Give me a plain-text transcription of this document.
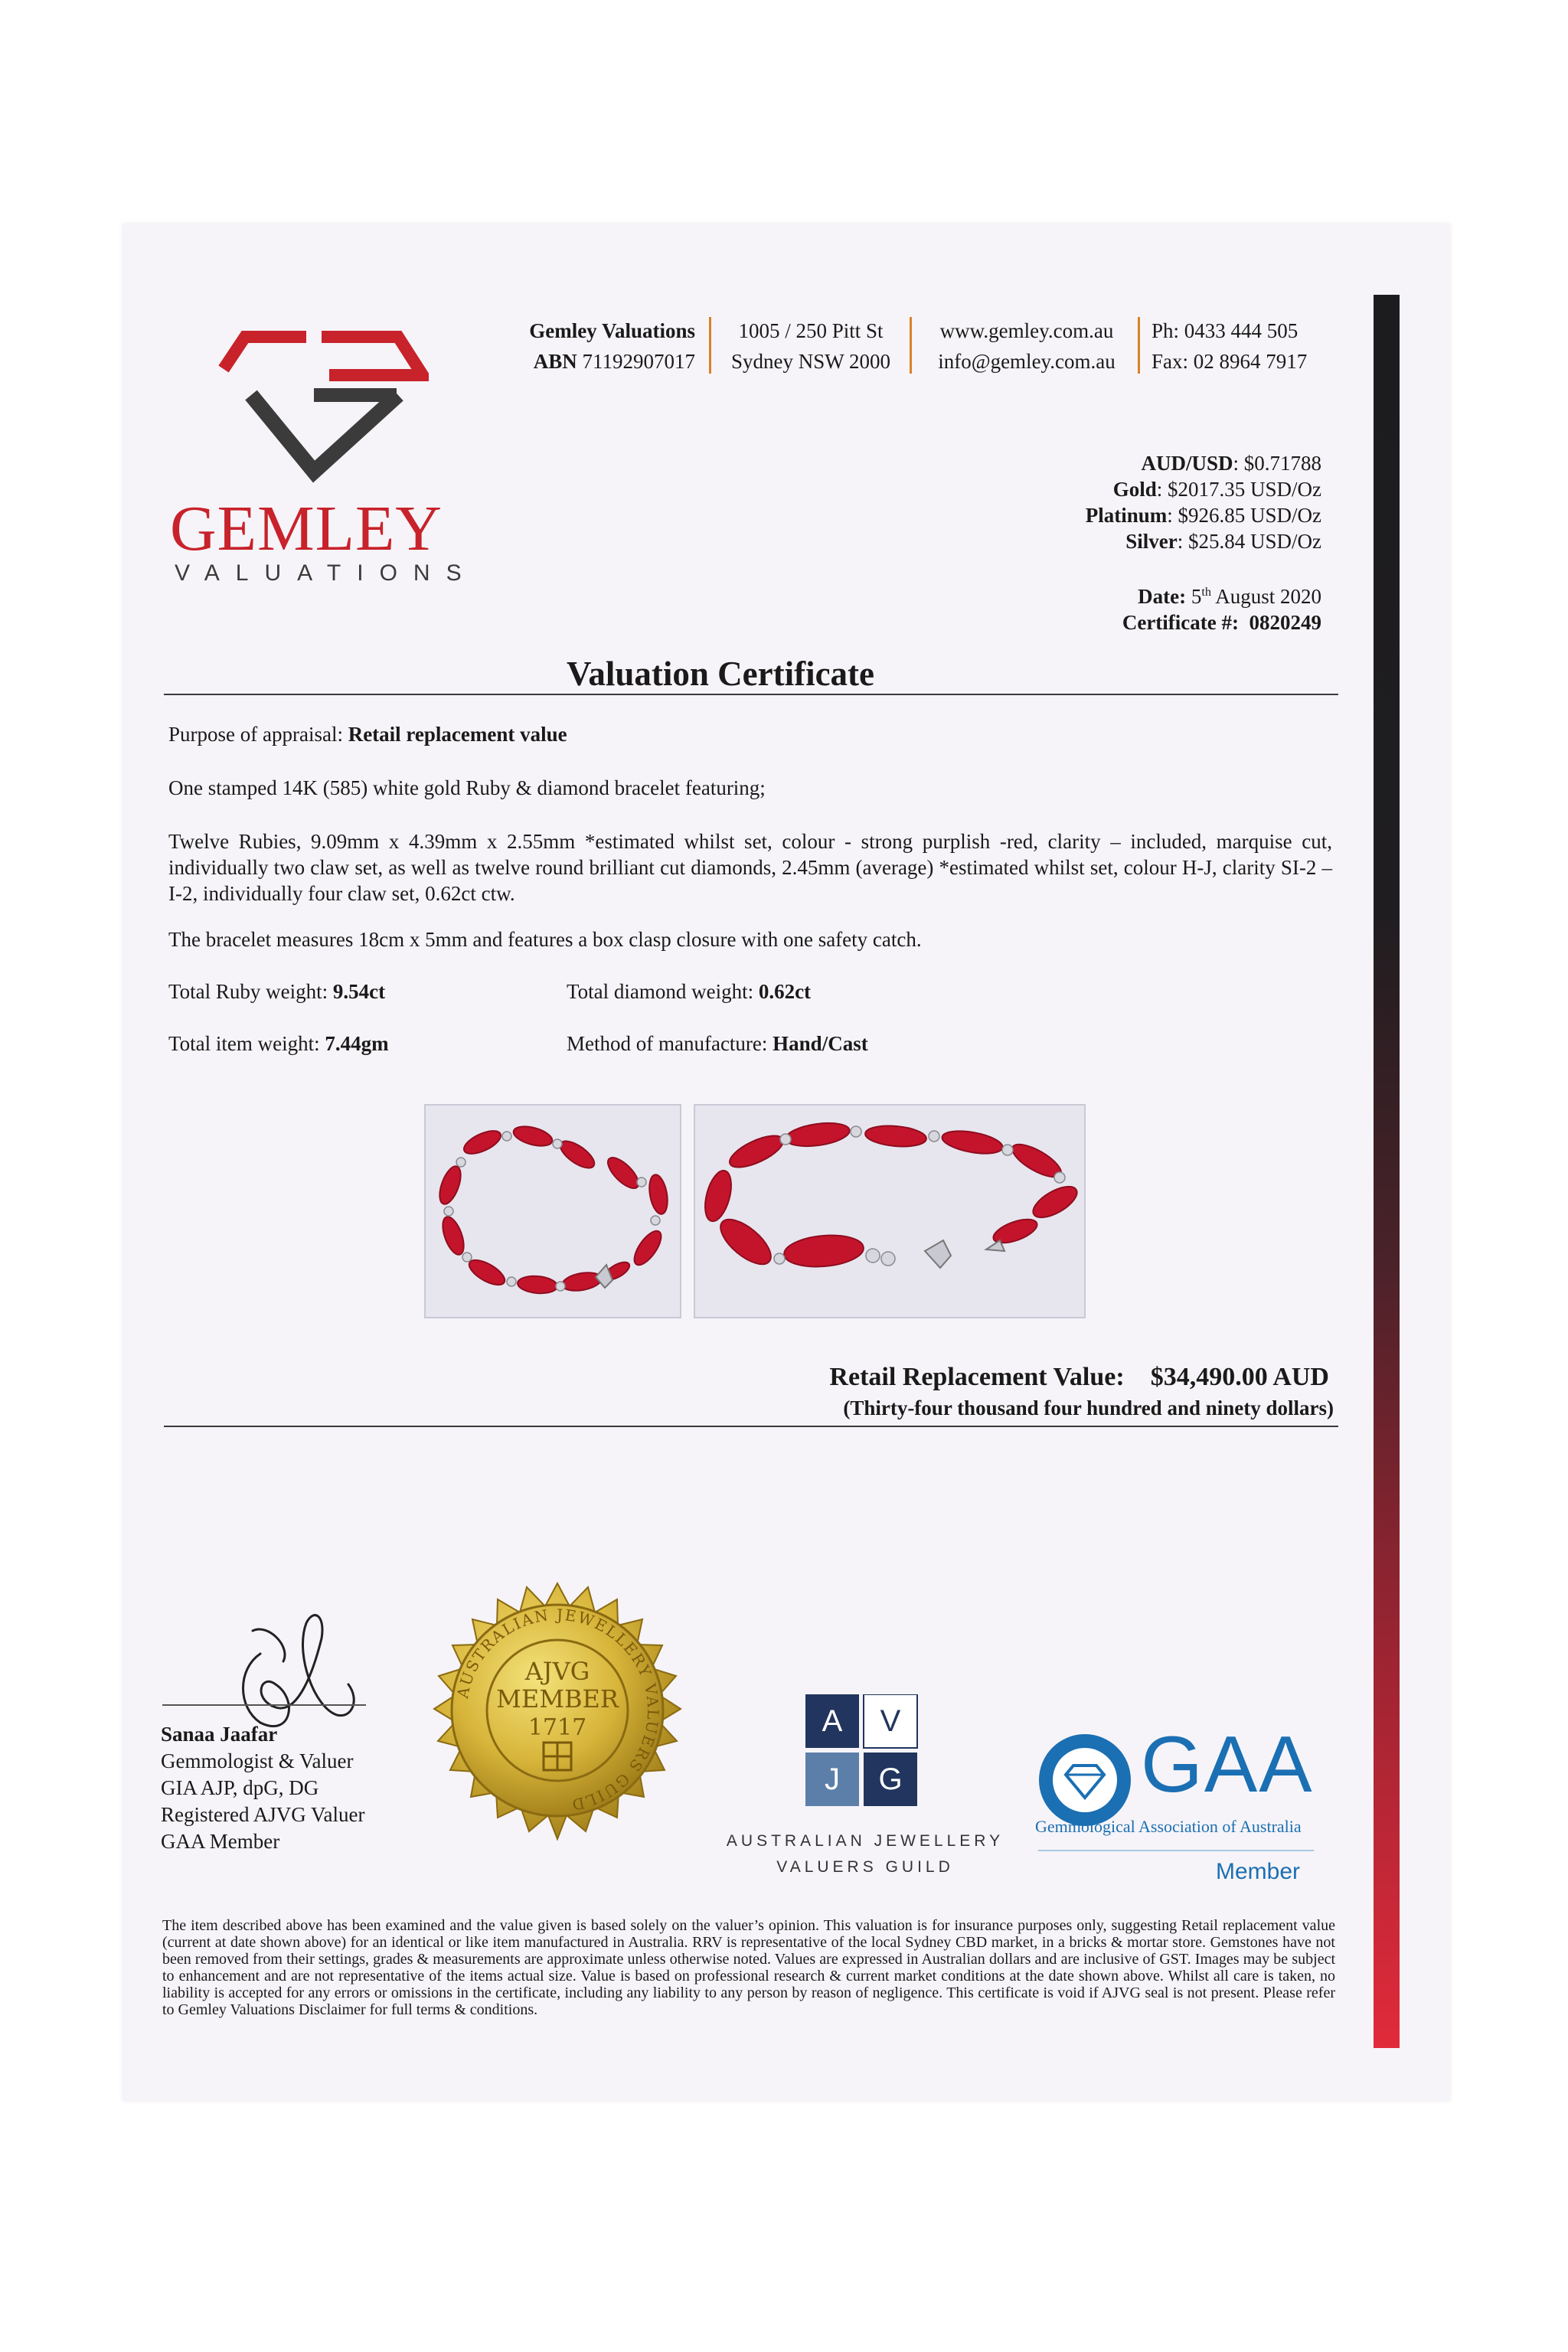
GEMLEY
VALUATIONS
Gemley Valuations
ABN 71192907017
1005 / 250 Pitt St
Sydney NSW 2000
www.gemley.com.au
info@gemley.com.au
Ph: 0433 444 505
Fax: 02 8964 7917
AUD/USD: $0.71788
Gold: $2017.35 USD/Oz
Platinum: $926.85 USD/Oz
Silver: $25.84 USD/Oz
Date: 5th August 2020
Certificate #: 0820249
Valuation Certificate
Purpose of appraisal: Retail replacement value
One stamped 14K (585) white gold Ruby & diamond bracelet featuring;
Twelve Rubies, 9.09mm x 4.39mm x 2.55mm *estimated whilst set, colour - strong purplish -red, clarity – included, marquise cut, individually two claw set, as well as twelve round brilliant cut diamonds, 2.45mm (average) *estimated whilst set, colour H-J, clarity SI-2 – I-2, individually four claw set, 0.62ct ctw.
The bracelet measures 18cm x 5mm and features a box clasp closure with one safety catch.
Total Ruby weight: 9.54ct	Total diamond weight: 0.62ct
Total item weight: 7.44gm	Method of manufacture: Hand/Cast
Retail Replacement Value: $34,490.00 AUD
(Thirty-four thousand four hundred and ninety dollars)
Sanaa Jaafar
Gemmologist & Valuer
GIA AJP, dpG, DG
Registered AJVG Valuer
GAA Member
AUSTRALIAN JEWELLERY VALUERS GUILD
AJVG
MEMBER
1717	A V
J G
AUSTRALIAN JEWELLERY
VALUERS GUILD
GAA
Gemmological Association of Australia
Member
The item described above has been examined and the value given is based solely on the valuer’s opinion. This valuation is for insurance purposes only, suggesting Retail replacement value (current at date shown above) for an identical or like item manufactured in Australia. RRV is representative of the local Sydney CBD market, in a bricks & mortar store. Gemstones have not been removed from their settings, grades & measurements are approximate unless otherwise noted. Values are expressed in Australian dollars and are inclusive of GST. Images may be subject to enhancement and are not representative of the items actual size. Value is based on professional research & current market conditions at the date shown above. Whilst all care is taken, no liability is accepted for any errors or omissions in the certificate, including any liability to any person by reason of negligence. This certificate is void if AJVG seal is not present. Please refer to Gemley Valuations Disclaimer for full terms & conditions.
